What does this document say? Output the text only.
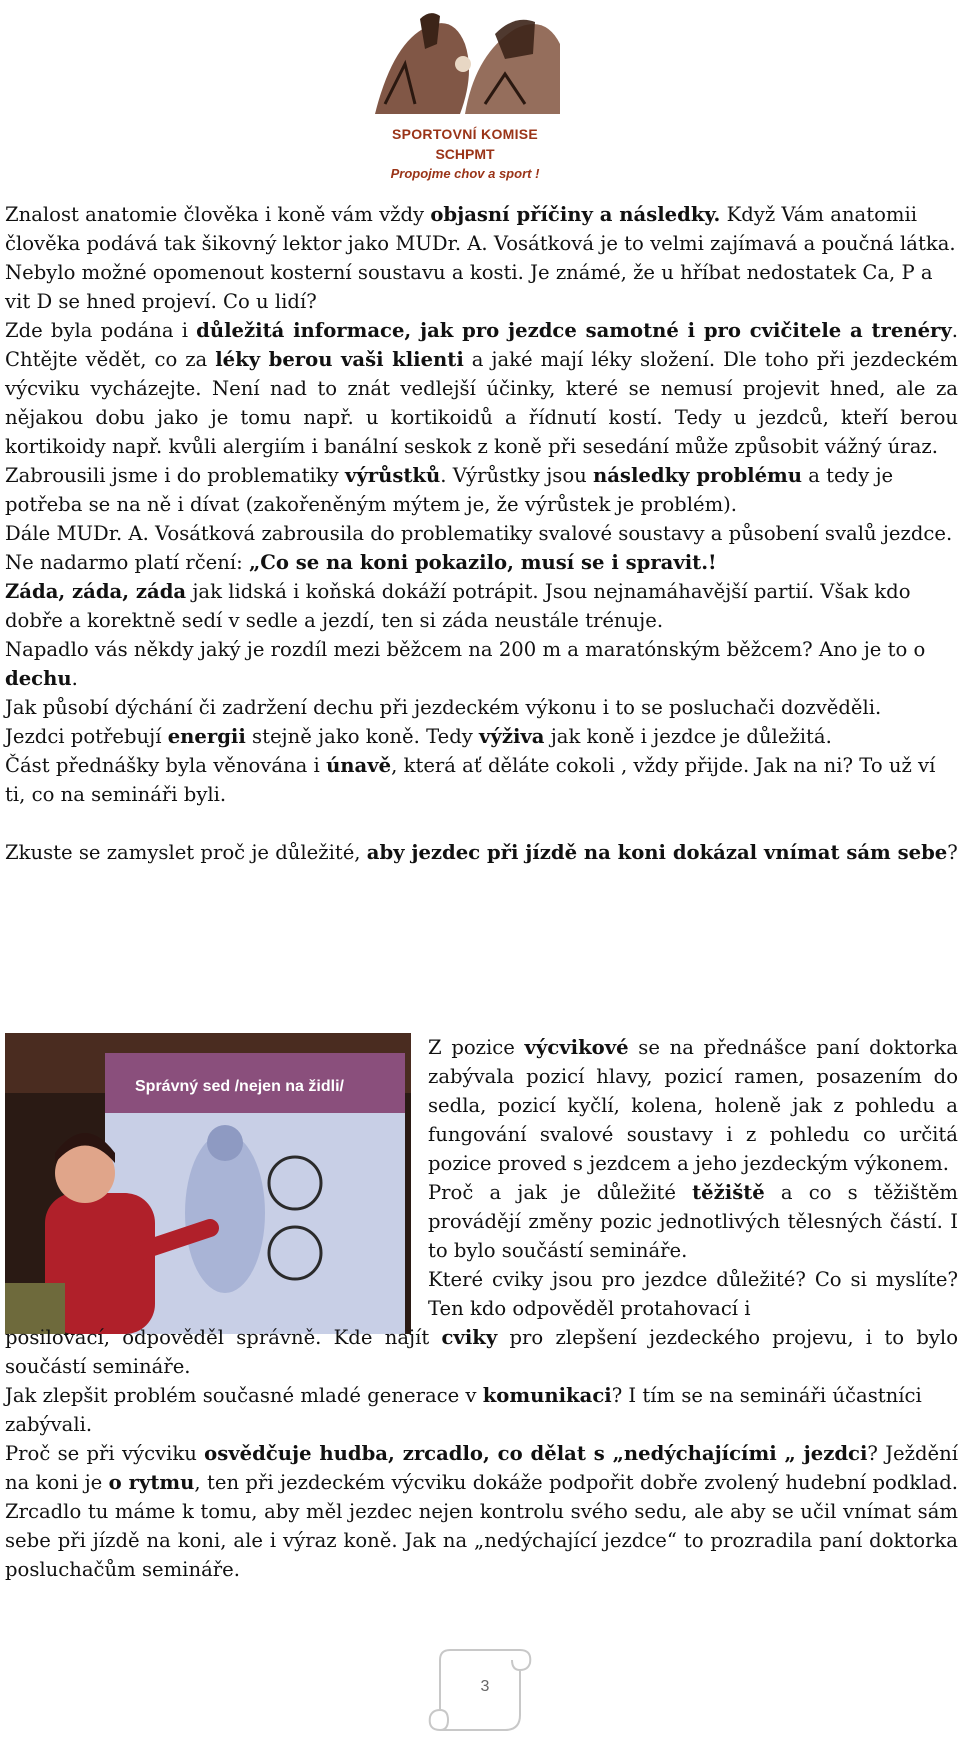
SPORTOVNÍ KOMISE
SCHPMT
Propojme chov a sport !

Znalost anatomie člověka i koně vám vždy objasní příčiny a následky. Když Vám anatomii člověka podává tak šikovný lektor jako MUDr. A. Vosátková je to velmi zajímavá a poučná látka.

Nebylo možné opomenout kosterní soustavu a kosti. Je známé, že u hříbat nedostatek Ca, P a vit D se hned projeví. Co u lidí?

Zde byla podána i důležitá informace, jak pro jezdce samotné i pro cvičitele a trenéry. Chtějte vědět, co za léky berou vaši klienti a jaké mají léky složení. Dle toho při jezdeckém výcviku vycházejte. Není nad to znát vedlejší účinky, které se nemusí projevit hned, ale za nějakou dobu jako je tomu např. u kortikoidů a řídnutí kostí. Tedy u jezdců, kteří berou kortikoidy např. kvůli alergiím i banální seskok z koně při sesedání může způsobit vážný úraz.

Zabrousili jsme i do problematiky výrůstků. Výrůstky jsou následky problému a tedy je potřeba se na ně i dívat (zakořeněným mýtem je, že výrůstek je problém).

Dále MUDr. A. Vosátková zabrousila do problematiky svalové soustavy a působení svalů jezdce.

Ne nadarmo platí rčení: „Co se na koni pokazilo, musí se i spravit.!

Záda, záda, záda jak lidská i koňská dokáží potrápit. Jsou nejnamáhavější partií. Však kdo dobře a korektně sedí v sedle a jezdí, ten si záda neustále trénuje.

Napadlo vás někdy jaký je rozdíl mezi běžcem na 200 m a maratónským běžcem? Ano je to o dechu.

Jak působí dýchání či zadržení dechu při jezdeckém výkonu i to se posluchači dozvěděli.

Jezdci potřebují energii stejně jako koně. Tedy výživa jak koně i jezdce je důležitá.

Část přednášky byla věnována i únavě, která ať děláte cokoli , vždy přijde. Jak na ni? To už ví ti, co na semináři byli.

Zkuste se zamyslet proč je důležité, aby jezdec při jízdě na koni dokázal vnímat sám sebe?

Správný sed /nejen na židli/

Z pozice výcvikové se na přednášce paní doktorka zabývala pozicí hlavy, pozicí ramen, posazením do sedla, pozicí kyčlí, kolena, holeně jak z pohledu a fungování svalové soustavy i z pohledu co určitá pozice proved s jezdcem a jeho jezdeckým výkonem.

Proč a jak je důležité těžiště a co s těžištěm provádějí změny pozic jednotlivých tělesných částí. I to bylo součástí semináře.

Které cviky jsou pro jezdce důležité? Co si myslíte? Ten kdo odpověděl protahovací i

posilovací, odpověděl správně. Kde najít cviky pro zlepšení jezdeckého projevu, i to bylo součástí semináře.

Jak zlepšit problém současné mladé generace v komunikaci? I tím se na semináři účastníci zabývali.

Proč se při výcviku osvědčuje hudba, zrcadlo, co dělat s „nedýchajícími „ jezdci? Ježdění na koni je o rytmu, ten při jezdeckém výcviku dokáže podpořit dobře zvolený hudební podklad. Zrcadlo tu máme k tomu, aby měl jezdec nejen kontrolu svého sedu, ale aby se učil vnímat sám sebe při jízdě na koni, ale i výraz koně. Jak na „nedýchající jezdce“ to prozradila paní doktorka posluchačům semináře.

3
